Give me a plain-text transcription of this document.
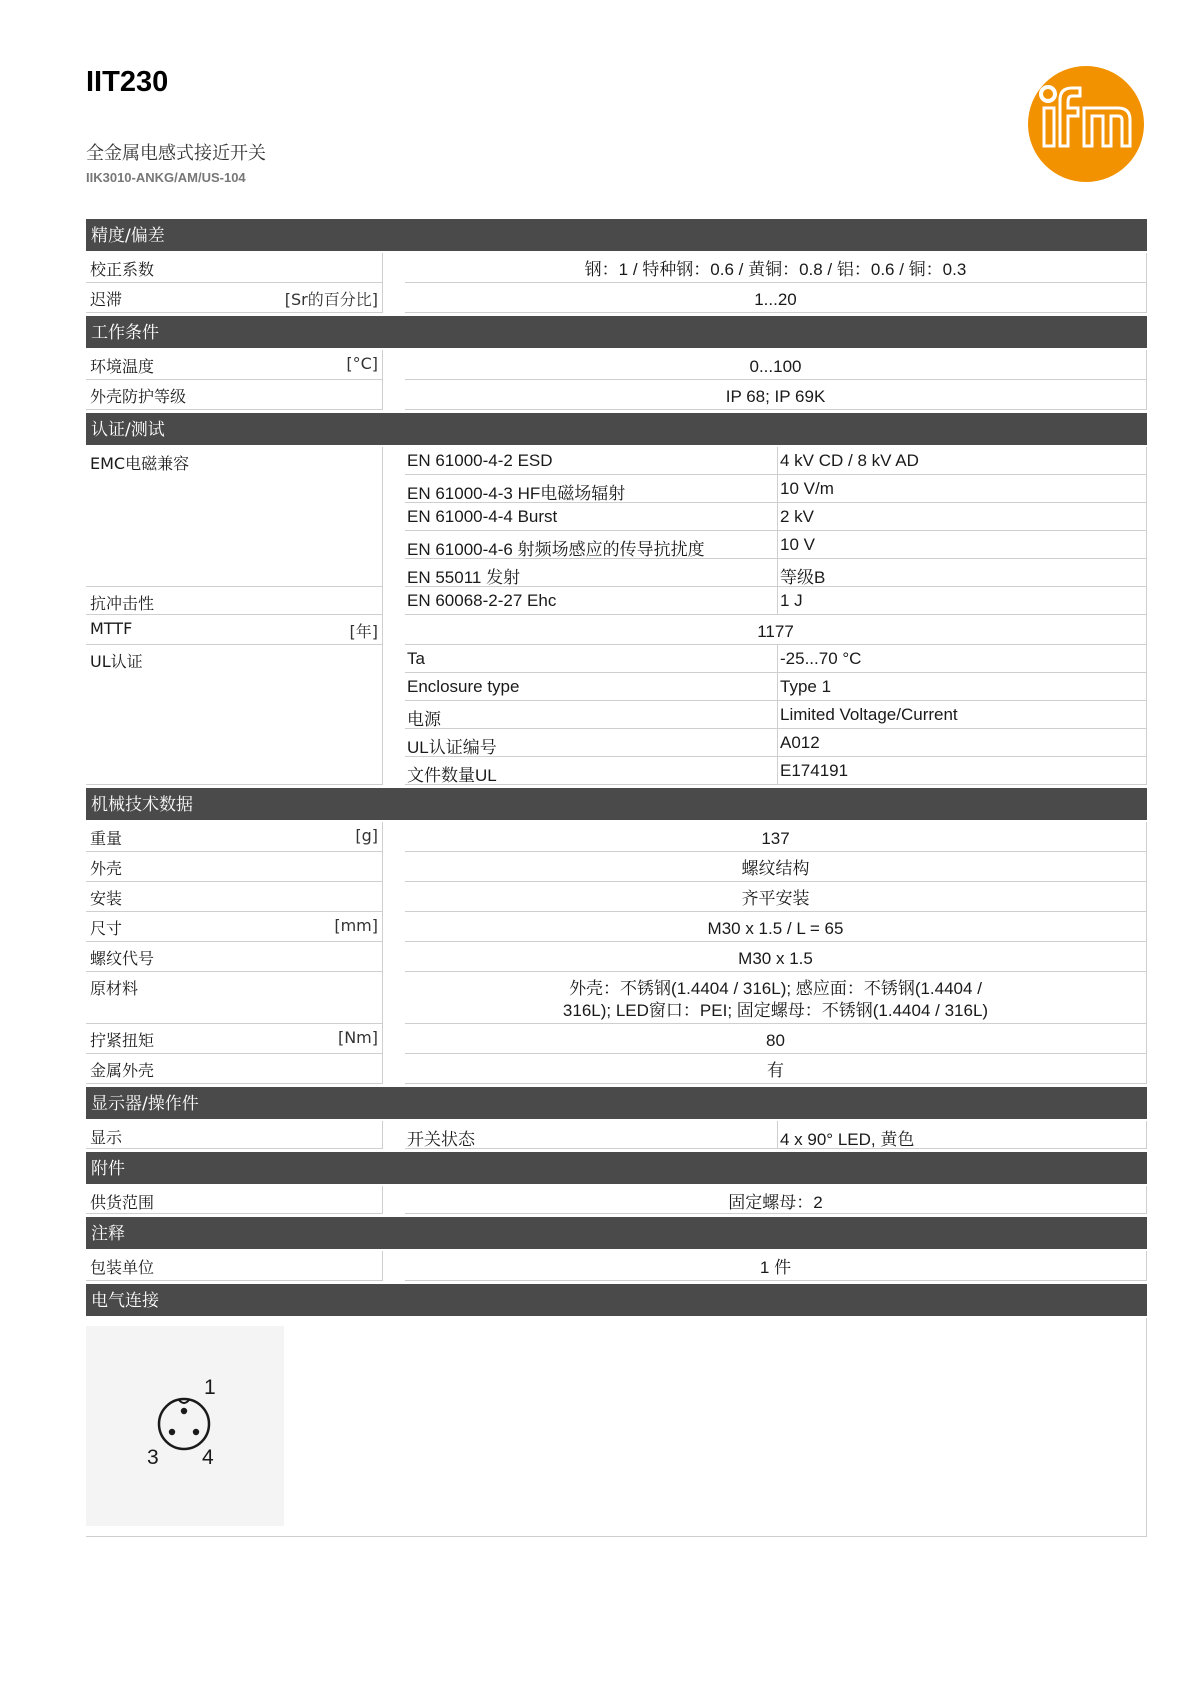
IIT230
全金属电感式接近开关
IIK3010-ANKG/AM/US-104
精度/偏差
校正系数	钢：1 / 特种钢：0.6 / 黄铜：0.8 / 铝：0.6 / 铜：0.3
迟滞	[Sr的百分比]	1...20
工作条件
环境温度	[°C]	0...100
外壳防护等级	IP 68; IP 69K
认证/测试
EMC电磁兼容	EN 61000-4-2 ESD	4 kV CD / 8 kV AD
EN 61000-4-3 HF电磁场辐射	10 V/m
EN 61000-4-4 Burst	2 kV
EN 61000-4-6 射频场感应的传导抗扰度	10 V
EN 55011 发射	等级B
抗冲击性	EN 60068-2-27 Ehc	1 J
MTTF	[年]	1177
UL认证	Ta	-25...70 °C
Enclosure type	Type 1
电源	Limited Voltage/Current
UL认证编号	A012
文件数量UL	E174191
机械技术数据
重量	[g]	137
外壳	螺纹结构
安装	齐平安装
尺寸	[mm]	M30 x 1.5 / L = 65
螺纹代号	M30 x 1.5
原材料	外壳：不锈钢(1.4404 / 316L); 感应面：不锈钢(1.4404 /
316L); LED窗口：PEI; 固定螺母：不锈钢(1.4404 / 316L)
拧紧扭矩	[Nm]	80
金属外壳	有
显示器/操作件
显示	开关状态	4 x 90° LED, 黄色
附件
供货范围	固定螺母：2
注释
包装单位	1 件
电气连接
1
3 4
